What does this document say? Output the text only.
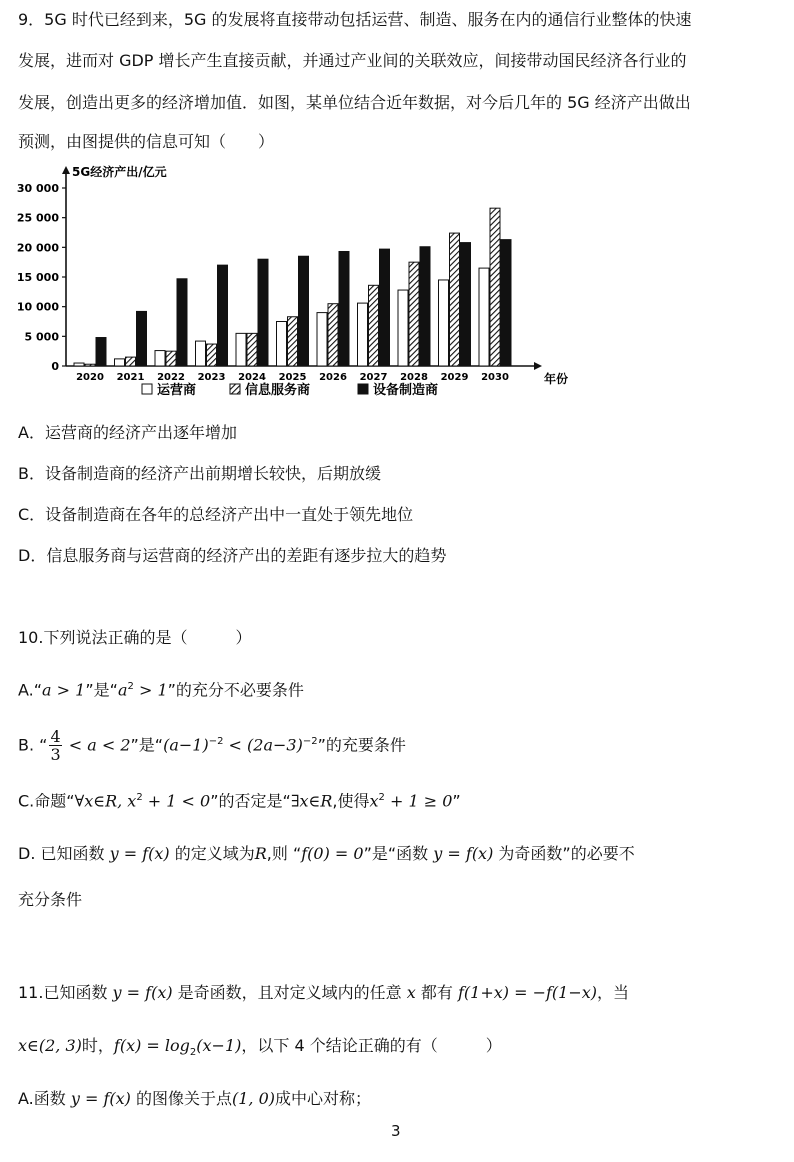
9．5G 时代已经到来，5G 的发展将直接带动包括运营、制造、服务在内的通信行业整体的快速
发展，进而对 GDP 增长产生直接贡献，并通过产业间的关联效应，间接带动国民经济各行业的
发展，创造出更多的经济增加值．如图，某单位结合近年数据，对今后几年的 5G 经济产出做出
预测，由图提供的信息可知（　　）
0
5 000
10 000
15 000
20 000
25 000
30 000
5G经济产出/亿元
年份
2020 2021 2022 2023 2024 2025 2026 2027 2028 2029 2030
运营商	信息服务商	设备制造商
A．运营商的经济产出逐年增加
B．设备制造商的经济产出前期增长较快，后期放缓
C．设备制造商在各年的总经济产出中一直处于领先地位
D．信息服务商与运营商的经济产出的差距有逐步拉大的趋势
10.下列说法正确的是（　　　）
A.“a > 1”是“$a^2 > 1$”的充分不必要条件
B. “ $\frac{4}{3} < a < 2$”是“$(a-1)^{-2} < (2a-3)^{-2}$”的充要条件
C.命题“∀x∈R, $x^2 + 1 < 0$”的否定是“∃x∈R,使得$x^2 + 1 \ge 0$”
D. 已知函数 y = f(x) 的定义域为R,则 “f(0) = 0”是“函数 y = f(x) 为奇函数”的必要不
充分条件
11.已知函数 y = f(x) 是奇函数，且对定义域内的任意 x 都有 f(1+x) = −f(1−x)，当
x∈(2, 3)时，$f(x) = \log_2(x-1)$，以下 4 个结论正确的有（　　　）
A.函数 y = f(x) 的图像关于点(1, 0)成中心对称；
3
